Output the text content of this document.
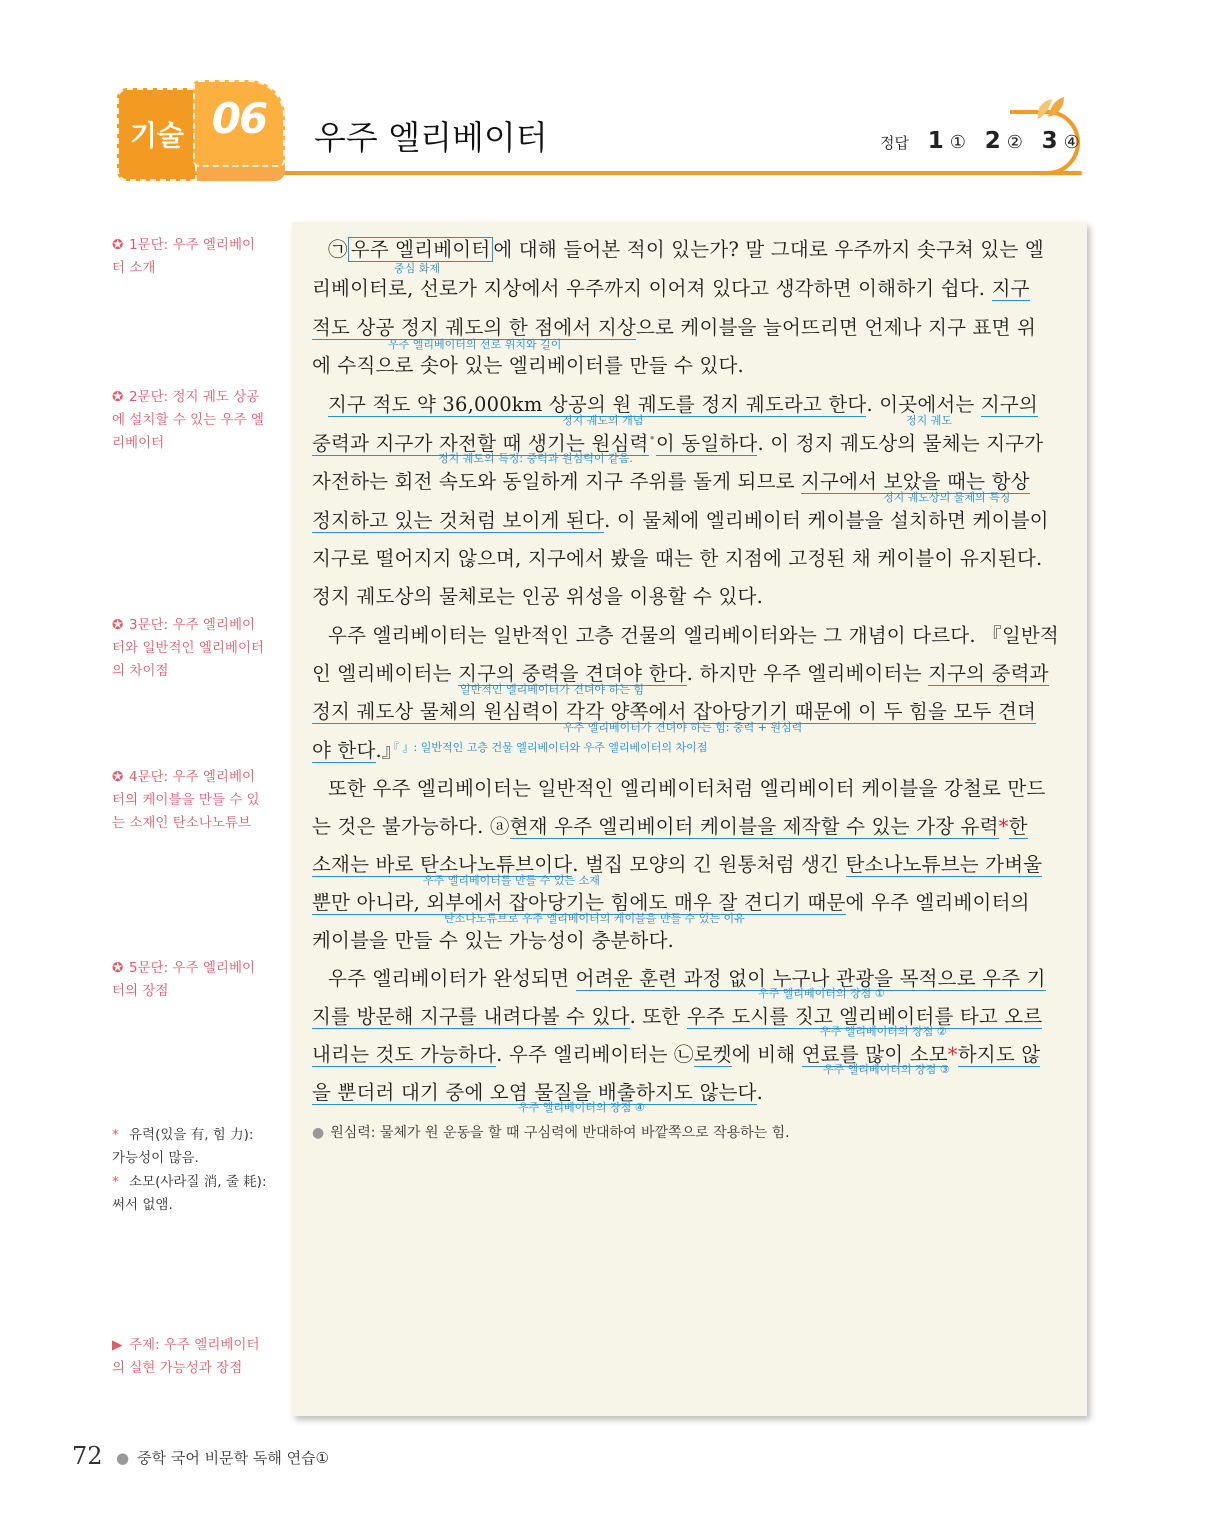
기술 06	우주 엘리베이터	정답 1 ① 2 ② 3 ④
✪ 1문단: 우주 엘리베이터 소개
✪ 2문단: 정지 궤도 상공에 설치할 수 있는 우주 엘리베이터
✪ 3문단: 우주 엘리베이터와 일반적인 엘리베이터의 차이점
✪ 4문단: 우주 엘리베이터의 케이블을 만들 수 있는 소재인 탄소나노튜브
✪ 5문단: 우주 엘리베이터의 장점
* 유력(있을 有, 힘 力): 가능성이 많음.
* 소모(사라질 消, 줄 耗): 써서 없앰.
▶ 주제: 우주 엘리베이터의 실현 가능성과 장점
㉠ 우주 엘리베이터 에 대해 들어본 적이 있는가? 말 그대로 우주까지 솟구쳐 있는 엘
중심 화제
리베이터로, 선로가 지상에서 우주까지 이어져 있다고 생각하면 이해하기 쉽다. 지구
적도 상공 정지 궤도의 한 점에서 지상으로 케이블을 늘어뜨리면 언제나 지구 표면 위
우주 엘리베이터의 선로 위치와 길이
에 수직으로 솟아 있는 엘리베이터를 만들 수 있다.
지구 적도 약 36,000km 상공의 원 궤도를 정지 궤도라고 한다. 이곳에서는 지구의
정지 궤도의 개념	정지 궤도
중력과 지구가 자전할 때 생기는 원심력•이 동일하다. 이 정지 궤도상의 물체는 지구가
정지 궤도의 특징: 중력과 원심력이 같음.
자전하는 회전 속도와 동일하게 지구 주위를 돌게 되므로 지구에서 보았을 때는 항상
정지 궤도상의 물체의 특징
정지하고 있는 것처럼 보이게 된다. 이 물체에 엘리베이터 케이블을 설치하면 케이블이
지구로 떨어지지 않으며, 지구에서 봤을 때는 한 지점에 고정된 채 케이블이 유지된다.
정지 궤도상의 물체로는 인공 위성을 이용할 수 있다.
우주 엘리베이터는 일반적인 고층 건물의 엘리베이터와는 그 개념이 다르다. 『일반적
인 엘리베이터는 지구의 중력을 견뎌야 한다. 하지만 우주 엘리베이터는 지구의 중력과
일반적인 엘리베이터가 견뎌야 하는 힘
정지 궤도상 물체의 원심력이 각각 양쪽에서 잡아당기기 때문에 이 두 힘을 모두 견뎌
우주 엘리베이터가 견뎌야 하는 힘: 중력 + 원심력
야 한다.』
『 』: 일반적인 고층 건물 엘리베이터와 우주 엘리베이터의 차이점
또한 우주 엘리베이터는 일반적인 엘리베이터처럼 엘리베이터 케이블을 강철로 만드
는 것은 불가능하다. ⓐ현재 우주 엘리베이터 케이블을 제작할 수 있는 가장 유력*한
소재는 바로 탄소나노튜브이다. 벌집 모양의 긴 원통처럼 생긴 탄소나노튜브는 가벼울
우주 엘리베이터를 만들 수 있는 소재
뿐만 아니라, 외부에서 잡아당기는 힘에도 매우 잘 견디기 때문에 우주 엘리베이터의
탄소나노튜브로 우주 엘리베이터의 케이블을 만들 수 있는 이유
케이블을 만들 수 있는 가능성이 충분하다.
우주 엘리베이터가 완성되면 어려운 훈련 과정 없이 누구나 관광을 목적으로 우주 기
우주 엘리베이터의 장점 ①
지를 방문해 지구를 내려다볼 수 있다. 또한 우주 도시를 짓고 엘리베이터를 타고 오르
우주 엘리베이터의 장점 ②
내리는 것도 가능하다. 우주 엘리베이터는 ㉡로켓에 비해 연료를 많이 소모*하지도 않
우주 엘리베이터의 장점 ③
을 뿐더러 대기 중에 오염 물질을 배출하지도 않는다.
우주 엘리베이터의 장점 ④
● 원심력: 물체가 원 운동을 할 때 구심력에 반대하여 바깥쪽으로 작용하는 힘.
72 ● 중학 국어 비문학 독해 연습①
